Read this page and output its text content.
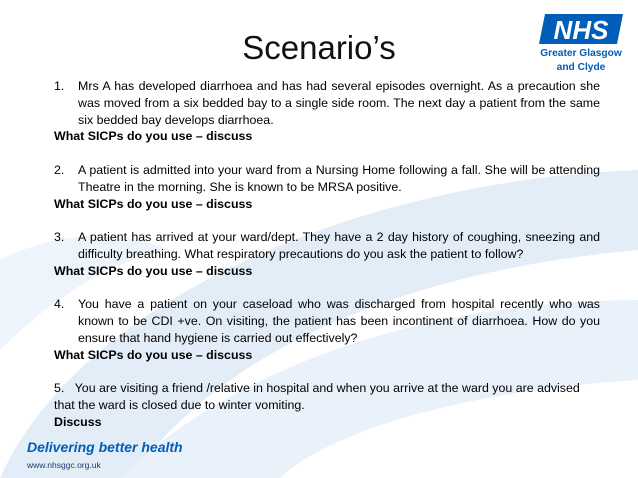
Scenario’s	NHS
Greater Glasgow
and Clyde
1.	Mrs A has developed diarrhoea and has had several episodes overnight. As a precaution she was moved from a six bedded bay to a single side room. The next day a patient from the same six bedded bay develops diarrhoea.
What SICPs do you use – discuss
2.	A patient is admitted into your ward from a Nursing Home following a fall. She will be attending Theatre in the morning. She is known to be MRSA positive.
What SICPs do you use – discuss
3.	A patient has arrived at your ward/dept. They have a 2 day history of coughing, sneezing and difficulty breathing. What respiratory precautions do you ask the patient to follow?
What SICPs do you use – discuss
4.	You have a patient on your caseload who was discharged from hospital recently who was known to be CDI +ve. On visiting, the patient has been incontinent of diarrhoea. How do you ensure that hand hygiene is carried out effectively?
What SICPs do you use – discuss
5. You are visiting a friend /relative in hospital and when you arrive at the ward you are advised that the ward is closed due to winter vomiting.
Discuss
Delivering better health
www.nhsggc.org.uk
